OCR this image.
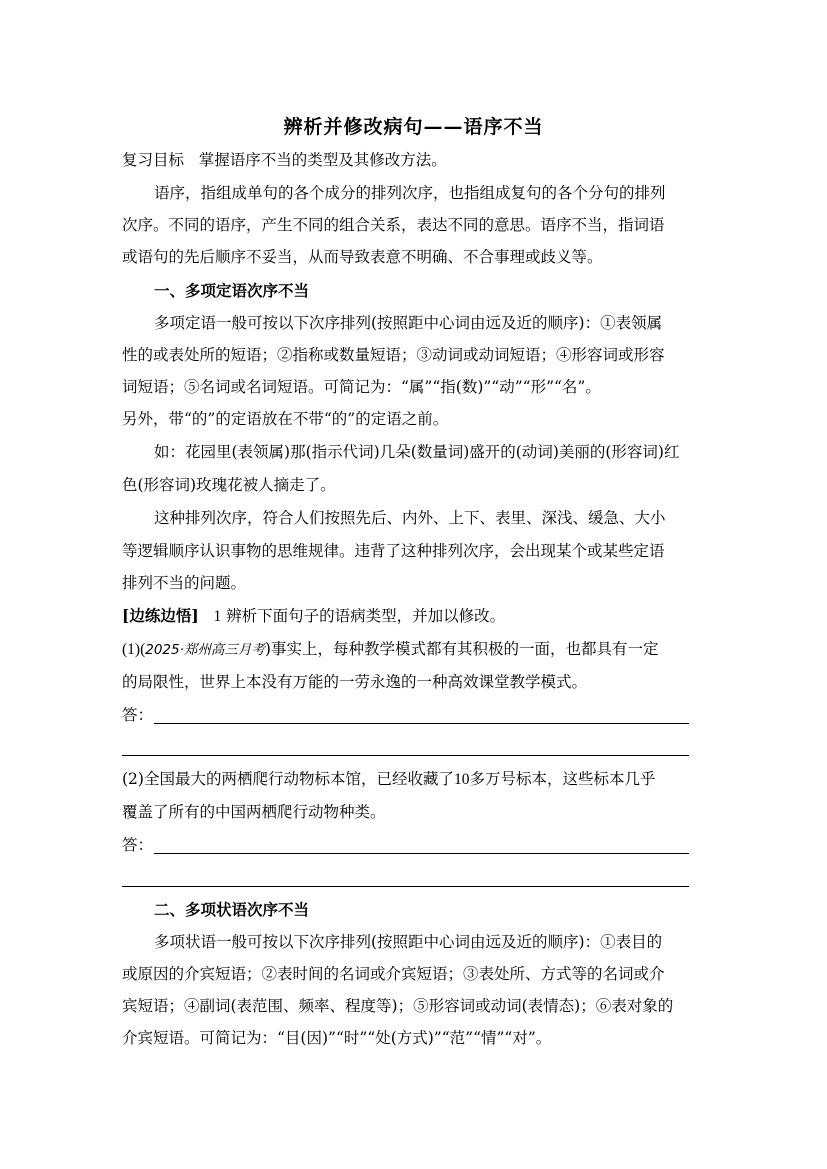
辨析并修改病句——语序不当
复习目标 掌握语序不当的类型及其修改方法。
语序，指组成单句的各个成分的排列次序，也指组成复句的各个分句的排列
次序。不同的语序，产生不同的组合关系，表达不同的意思。语序不当，指词语
或语句的先后顺序不妥当，从而导致表意不明确、不合事理或歧义等。
一、多项定语次序不当
多项定语一般可按以下次序排列(按照距中心词由远及近的顺序)：①表领属
性的或表处所的短语；②指称或数量短语；③动词或动词短语；④形容词或形容
词短语；⑤名词或名词短语。可简记为：“属”“指(数)”“动”“形”“名”。
另外，带“的”的定语放在不带“的”的定语之前。
如：花园里(表领属)那(指示代词)几朵(数量词)盛开的(动词)美丽的(形容词)红
色(形容词)玫瑰花被人摘走了。
这种排列次序，符合人们按照先后、内外、上下、表里、深浅、缓急、大小
等逻辑顺序认识事物的思维规律。违背了这种排列次序，会出现某个或某些定语
排列不当的问题。
[边练边悟] 1 辨析下面句子的语病类型，并加以修改。
(1)(2025·郑州高三月考)事实上，每种教学模式都有其积极的一面，也都具有一定
的局限性，世界上本没有万能的一劳永逸的一种高效课堂教学模式。
答：
(2)全国最大的两栖爬行动物标本馆，已经收藏了10多万号标本，这些标本几乎
覆盖了所有的中国两栖爬行动物种类。
答：
二、多项状语次序不当
多项状语一般可按以下次序排列(按照距中心词由远及近的顺序)：①表目的
或原因的介宾短语；②表时间的名词或介宾短语；③表处所、方式等的名词或介
宾短语；④副词(表范围、频率、程度等)；⑤形容词或动词(表情态)；⑥表对象的
介宾短语。可简记为：“目(因)”“时”“处(方式)”“范”“情”“对”。
